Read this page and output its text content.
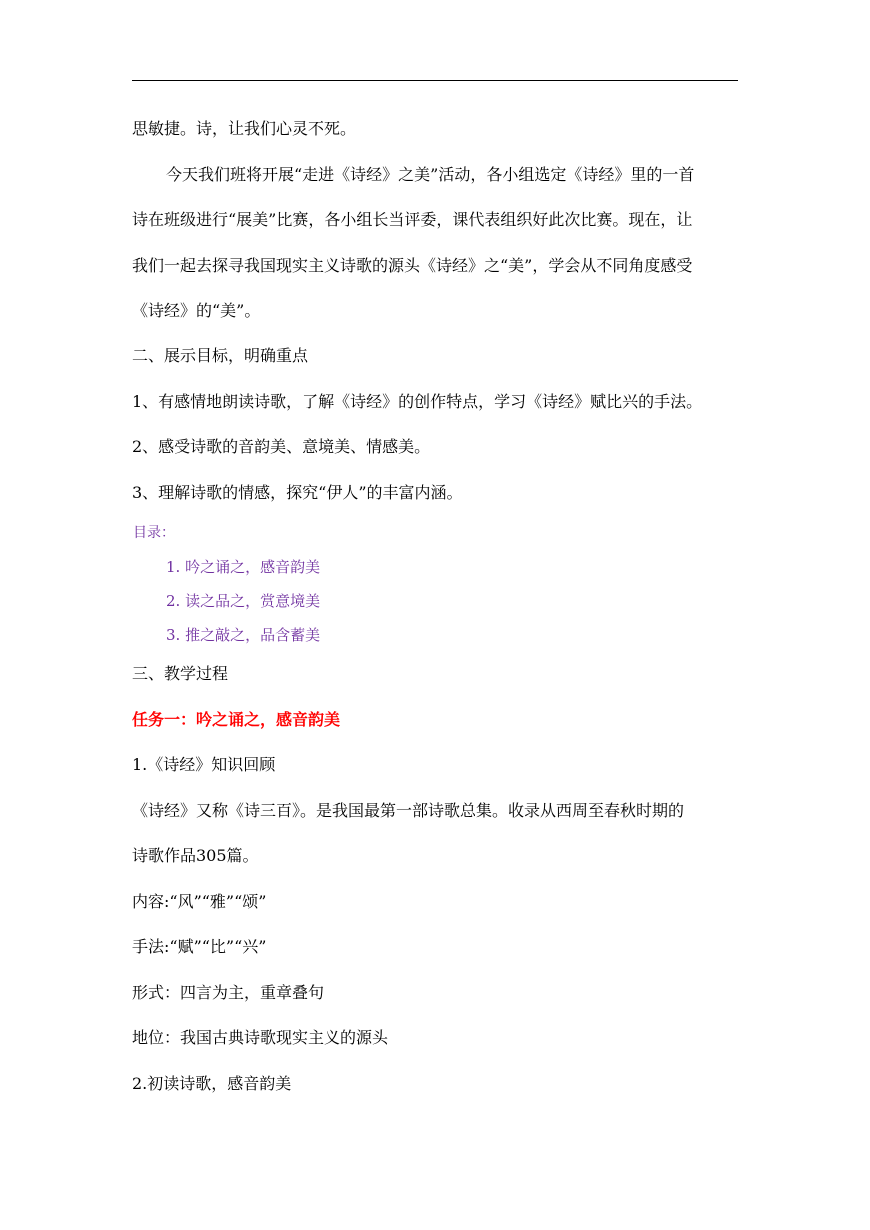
思敏捷。诗，让我们心灵不死。
今天我们班将开展“走进《诗经》之美”活动，各小组选定《诗经》里的一首
诗在班级进行“展美”比赛，各小组长当评委，课代表组织好此次比赛。现在，让
我们一起去探寻我国现实主义诗歌的源头《诗经》之“美”，学会从不同角度感受
《诗经》的“美”。
二、展示目标，明确重点
1、有感情地朗读诗歌，了解《诗经》的创作特点，学习《诗经》赋比兴的手法。
2、感受诗歌的音韵美、意境美、情感美。
3、理解诗歌的情感，探究“伊人”的丰富内涵。
目录：
1. 吟之诵之，感音韵美
2. 读之品之，赏意境美
3. 推之敲之，品含蓄美
三、教学过程
任务一：吟之诵之，感音韵美
1.《诗经》知识回顾
《诗经》又称《诗三百》。是我国最第一部诗歌总集。收录从西周至春秋时期的
诗歌作品305篇。
内容:“风”“雅”“颂”
手法:“赋”“比”“兴”
形式：四言为主，重章叠句
地位：我国古典诗歌现实主义的源头
2.初读诗歌，感音韵美
